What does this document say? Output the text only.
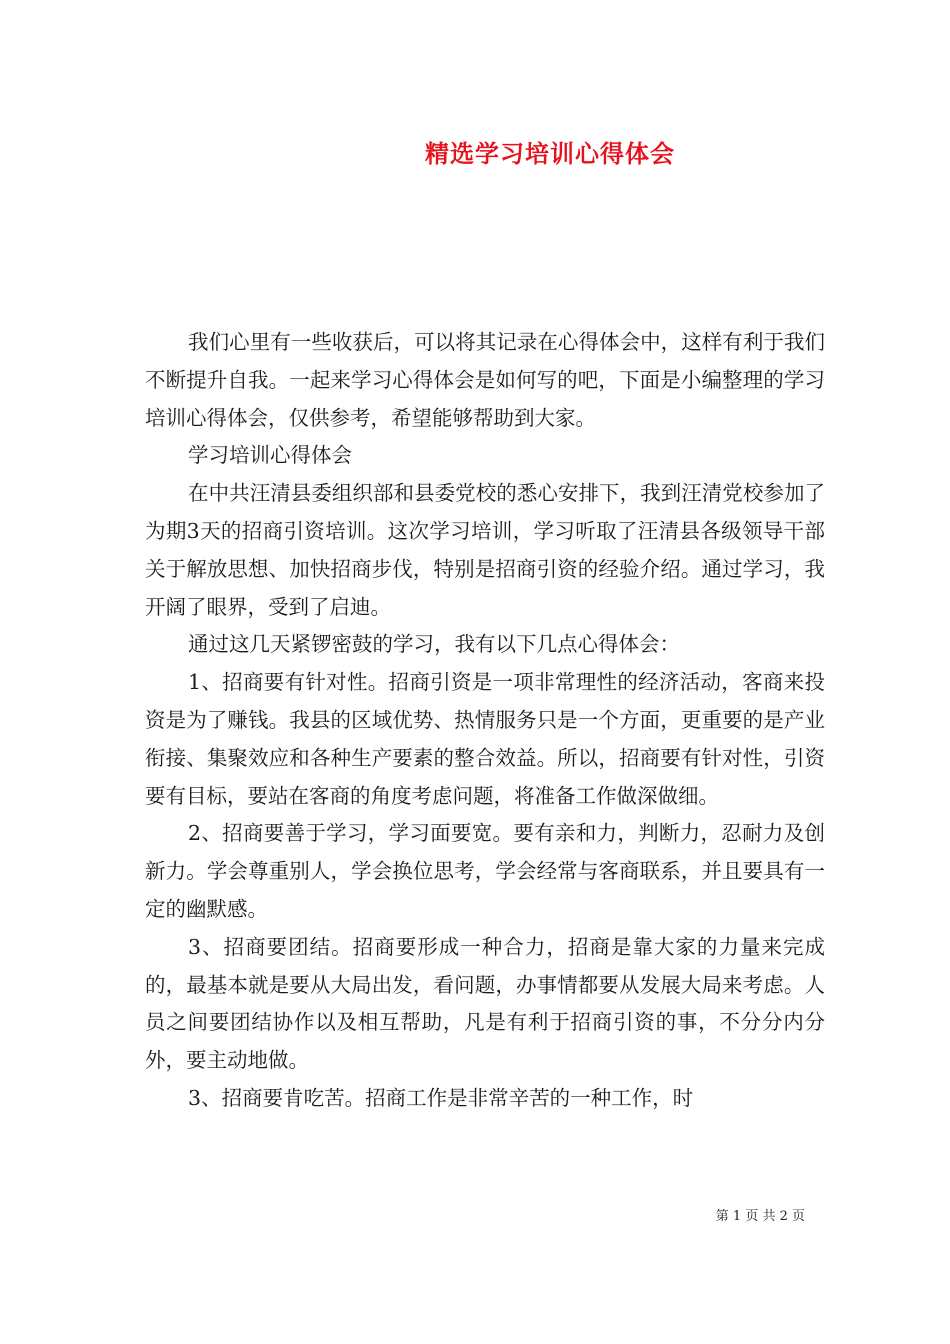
精选学习培训心得体会

我们心里有一些收获后，可以将其记录在心得体会中，这样有利于我们不断提升自我。一起来学习心得体会是如何写的吧，下面是小编整理的学习培训心得体会，仅供参考，希望能够帮助到大家。

学习培训心得体会

在中共汪清县委组织部和县委党校的悉心安排下，我到汪清党校参加了为期3天的招商引资培训。这次学习培训，学习听取了汪清县各级领导干部关于解放思想、加快招商步伐，特别是招商引资的经验介绍。通过学习，我开阔了眼界，受到了启迪。

通过这几天紧锣密鼓的学习，我有以下几点心得体会：

1、招商要有针对性。招商引资是一项非常理性的经济活动，客商来投资是为了赚钱。我县的区域优势、热情服务只是一个方面，更重要的是产业衔接、集聚效应和各种生产要素的整合效益。所以，招商要有针对性，引资要有目标，要站在客商的角度考虑问题，将准备工作做深做细。

2、招商要善于学习，学习面要宽。要有亲和力，判断力，忍耐力及创新力。学会尊重别人，学会换位思考，学会经常与客商联系，并且要具有一定的幽默感。

3、招商要团结。招商要形成一种合力，招商是靠大家的力量来完成的，最基本就是要从大局出发，看问题，办事情都要从发展大局来考虑。人员之间要团结协作以及相互帮助，凡是有利于招商引资的事，不分分内分外，要主动地做。

3、招商要肯吃苦。招商工作是非常辛苦的一种工作，时

第 1 页 共 2 页
